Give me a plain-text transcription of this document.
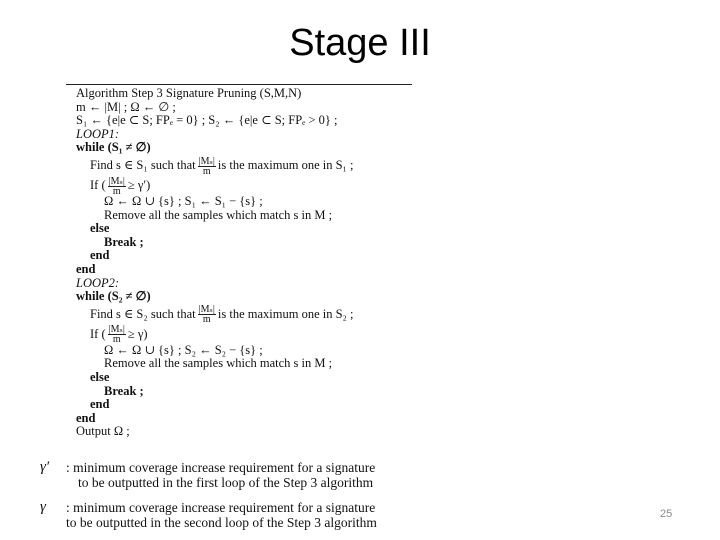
Stage III
Algorithm Step 3 Signature Pruning (S,M,N)
m ← |M| ; Ω ← ∅ ;
S₁ ← {e|e ⊂ S; FPₑ = 0} ; S₂ ← {e|e ⊂ S; FPₑ > 0} ;
LOOP1:
while (S₁ ≠ ∅)
Find s ∈ S₁ such that $\frac{\text{|Mₛ|}}{m}$ is the maximum one in S₁ ;
If ( $\frac{\text{|Mₛ|}}{m} \ge \gamma'$)
Ω ← Ω ∪ {s} ; S₁ ← S₁ − {s} ;
Remove all the samples which match s in M ;
else
Break ;
end
end
LOOP2:
while (S₂ ≠ ∅)
Find s ∈ S₂ such that $\frac{\text{|Mₛ|}}{m}$ is the maximum one in S₂ ;
If ( $\frac{\text{|Mₛ|}}{m} \ge \gamma$)
Ω ← Ω ∪ {s} ; S₂ ← S₂ − {s} ;
Remove all the samples which match s in M ;
else
Break ;
end
end
Output Ω ;
γ′	: minimum coverage increase requirement for a signature
to be outputted in the first loop of the Step 3 algorithm
γ	: minimum coverage increase requirement for a signature
to be outputted in the second loop of the Step 3 algorithm
25
